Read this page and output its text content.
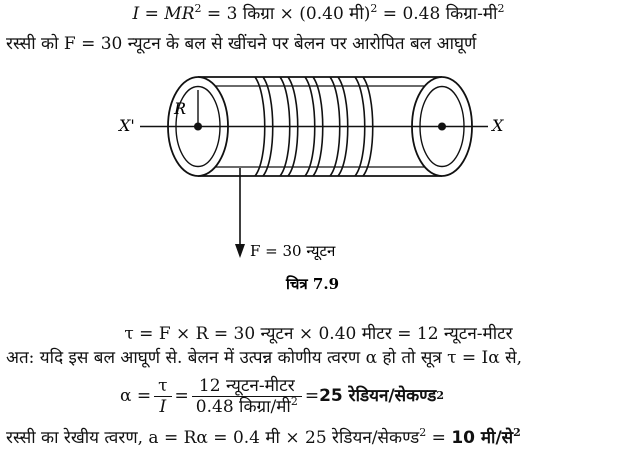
$I = MR^2 = 3$ किग्रा × (0.40 मी)$^2$ = 0.48 किग्रा-मी$^2$
रस्सी को F = 30 न्यूटन के बल से खींचने पर बेलन पर आरोपित बल आघूर्ण
R
X'	X
F = 30 न्यूटन
चित्र 7.9
τ = F × R = 30 न्यूटन × 0.40 मीटर = 12 न्यूटन-मीटर
अत: यदि इस बल आघूर्ण से. बेलन में उत्पन्न कोणीय त्वरण α हो तो सूत्र τ = Iα से,
$\alpha = \frac{\tau}{I} = \frac{\text{12 न्यूटन-मीटर}}{0.48 किग्रा/मी^2} = 25$ रेडियन/सेकण्ड 2
रस्सी का रेखीय त्वरण, a = Rα = 0.4 मी × 25 रेडियन/सेकण्ड$^2$ = 10 मी/से$^2$
